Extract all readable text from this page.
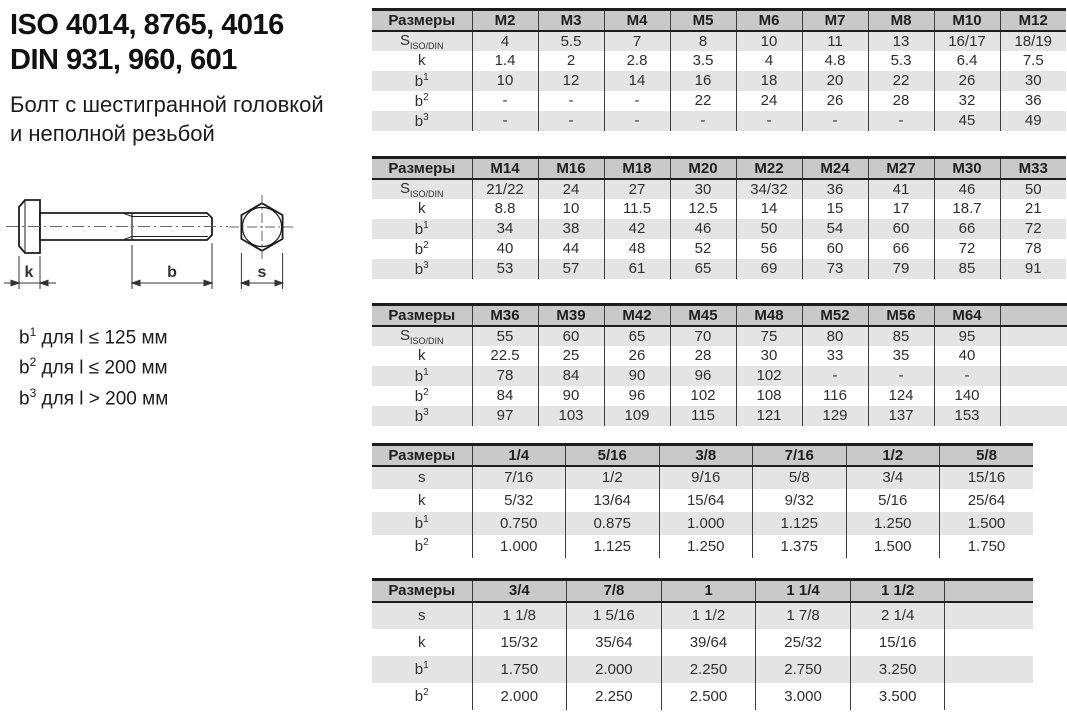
ISO 4014, 8765, 4016
DIN 931, 960, 601
Болт с шестигранной головкой
и неполной резьбой
k	b	s
$b^1$ для l ≤ 125 мм
$b^2$ для l ≤ 200 мм
$b^3$ для l > 200 мм
Размеры	M2	M3	M4	M5	M6	M7	M8	M10	M12
$S_{ISO/DIN}$	4	5.5	7	8	10	11	13	16/17	18/19
k	1.4	2	2.8	3.5	4	4.8	5.3	6.4	7.5
$b^1$	10	12	14	16	18	20	22	26	30
$b^2$	-	-	-	22	24	26	28	32	36
$b^3$	-	-	-	-	-	-	-	45	49
Размеры	M14	M16	M18	M20	M22	M24	M27	M30	M33
$S_{ISO/DIN}$	21/22	24	27	30	34/32	36	41	46	50
k	8.8	10	11.5	12.5	14	15	17	18.7	21
$b^1$	34	38	42	46	50	54	60	66	72
$b^2$	40	44	48	52	56	60	66	72	78
$b^3$	53	57	61	65	69	73	79	85	91
Размеры	M36	M39	M42	M45	M48	M52	M56	M64	
$S_{ISO/DIN}$	55	60	65	70	75	80	85	95	
k	22.5	25	26	28	30	33	35	40	
$b^1$	78	84	90	96	102	-	-	-	
$b^2$	84	90	96	102	108	116	124	140	
$b^3$	97	103	109	115	121	129	137	153	
Размеры	1/4	5/16	3/8	7/16	1/2	5/8
s	7/16	1/2	9/16	5/8	3/4	15/16
k	5/32	13/64	15/64	9/32	5/16	25/64
$b^1$	0.750	0.875	1.000	1.125	1.250	1.500
$b^2$	1.000	1.125	1.250	1.375	1.500	1.750
Размеры	3/4	7/8	1	1 1/4	1 1/2	
s	1 1/8	1 5/16	1 1/2	1 7/8	2 1/4	
k	15/32	35/64	39/64	25/32	15/16	
$b^1$	1.750	2.000	2.250	2.750	3.250	
$b^2$	2.000	2.250	2.500	3.000	3.500	
